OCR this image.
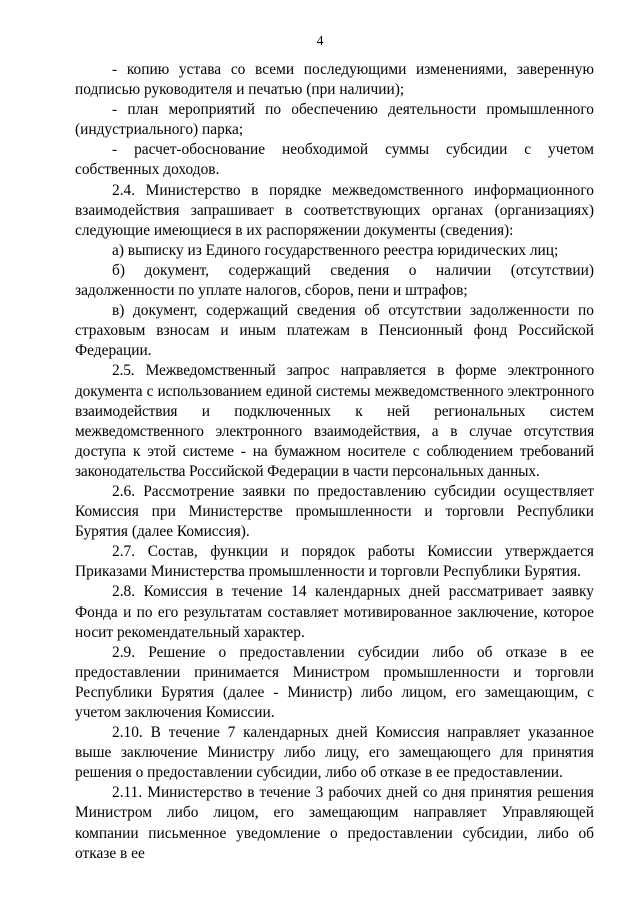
4

- копию устава со всеми последующими изменениями, заверенную подписью руководителя и печатью (при наличии);

- план мероприятий по обеспечению деятельности промышленного (индустриального) парка;

- расчет-обоснование необходимой суммы субсидии с учетом собственных доходов.

2.4. Министерство в порядке межведомственного информационного взаимодействия запрашивает в соответствующих органах (организациях) следующие имеющиеся в их распоряжении документы (сведения):

а) выписку из Единого государственного реестра юридических лиц;

б) документ, содержащий сведения о наличии (отсутствии) задолженности по уплате налогов, сборов, пени и штрафов;

в) документ, содержащий сведения об отсутствии задолженности по страховым взносам и иным платежам в Пенсионный фонд Российской Федерации.

2.5. Межведомственный запрос направляется в форме электронного документа с использованием единой системы межведомственного электронного взаимодействия и подключенных к ней региональных систем межведомственного электронного взаимодействия, а в случае отсутствия доступа к этой системе - на бумажном носителе с соблюдением требований законодательства Российской Федерации в части персональных данных.

2.6. Рассмотрение заявки по предоставлению субсидии осуществляет Комиссия при Министерстве промышленности и торговли Республики Бурятия (далее Комиссия).

2.7. Состав, функции и порядок работы Комиссии утверждается Приказами Министерства промышленности и торговли Республики Бурятия.

2.8. Комиссия в течение 14 календарных дней рассматривает заявку Фонда и по его результатам составляет мотивированное заключение, которое носит рекомендательный характер.

2.9. Решение о предоставлении субсидии либо об отказе в ее предоставлении принимается Министром промышленности и торговли Республики Бурятия (далее - Министр) либо лицом, его замещающим, с учетом заключения Комиссии.

2.10. В течение 7 календарных дней Комиссия направляет указанное выше заключение Министру либо лицу, его замещающего для принятия решения о предоставлении субсидии, либо об отказе в ее предоставлении.

2.11. Министерство в течение 3 рабочих дней со дня принятия решения Министром либо лицом, его замещающим направляет Управляющей компании письменное уведомление о предоставлении субсидии, либо об отказе в ее
